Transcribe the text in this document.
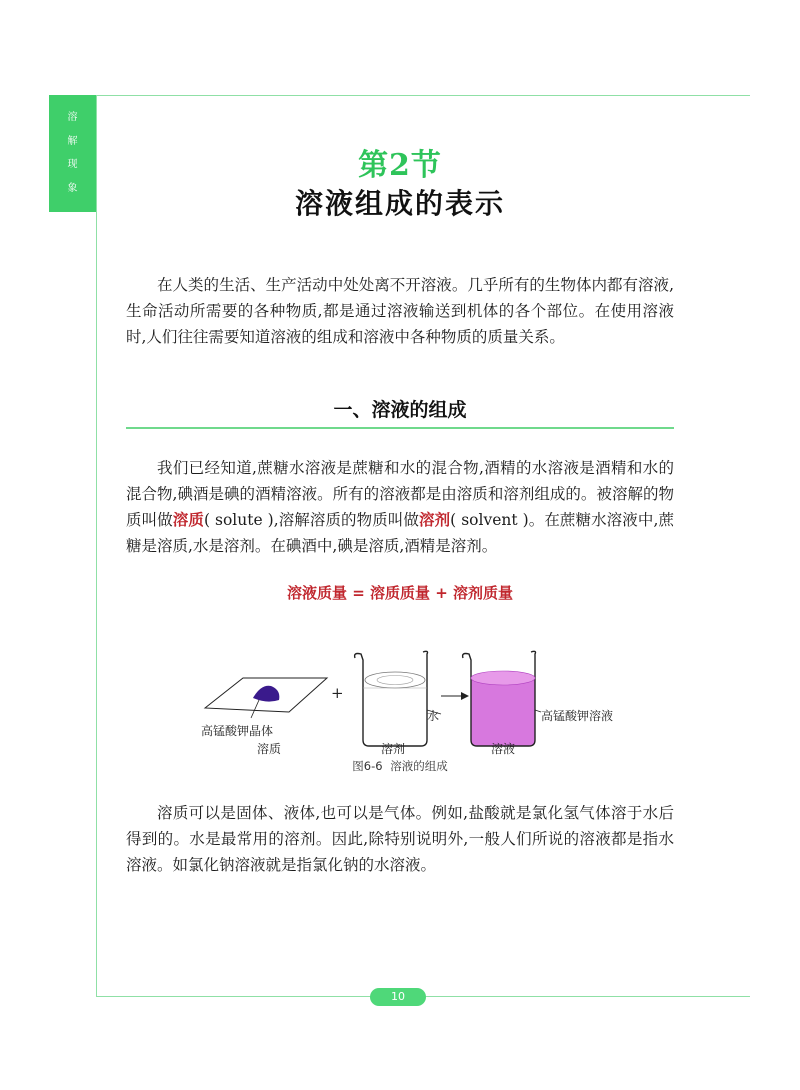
溶
解
现
象
第2节
溶液组成的表示

在人类的生活、生产活动中处处离不开溶液。几乎所有的生物体内都有溶液,生命活动所需要的各种物质,都是通过溶液输送到机体的各个部位。在使用溶液时,人们往往需要知道溶液的组成和溶液中各种物质的质量关系。

一、溶液的组成

我们已经知道,蔗糖水溶液是蔗糖和水的混合物,酒精的水溶液是酒精和水的混合物,碘酒是碘的酒精溶液。所有的溶液都是由溶质和溶剂组成的。被溶解的物质叫做溶质( solute ),溶解溶质的物质叫做溶剂( solvent )。在蔗糖水溶液中,蔗糖是溶质,水是溶剂。在碘酒中,碘是溶质,酒精是溶剂。

溶液质量 = 溶质质量 + 溶剂质量
+
高锰酸钾晶体
水	高锰酸钾溶液
溶质	溶剂	溶液
图6-6 溶液的组成

溶质可以是固体、液体,也可以是气体。例如,盐酸就是氯化氢气体溶于水后得到的。水是最常用的溶剂。因此,除特别说明外,一般人们所说的溶液都是指水溶液。如氯化钠溶液就是指氯化钠的水溶液。

10
